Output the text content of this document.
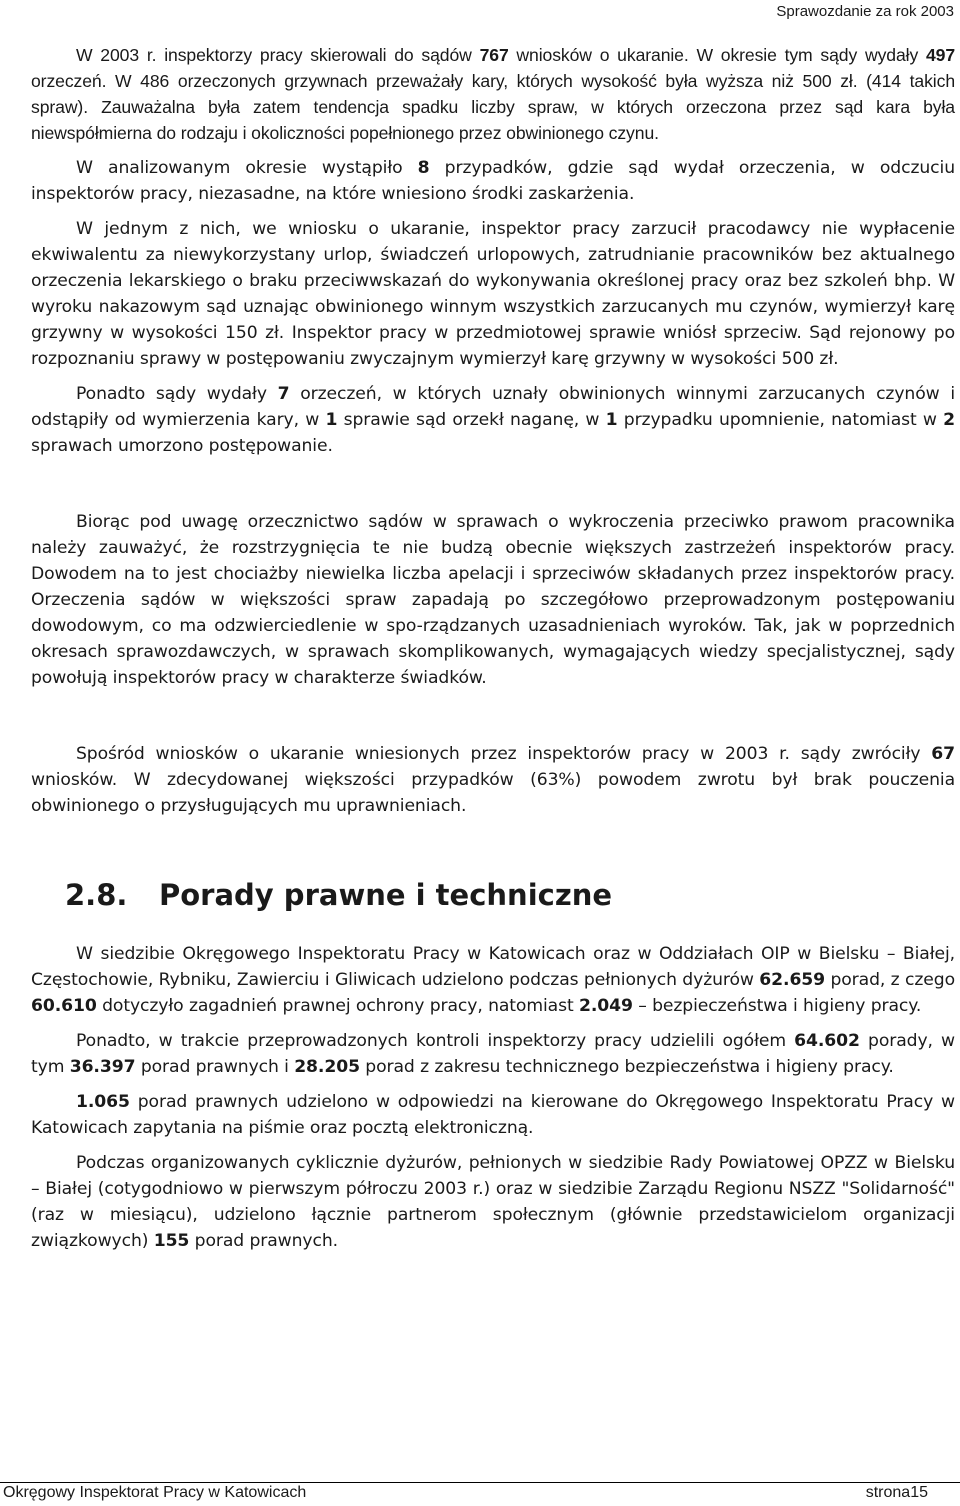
Sprawozdanie za rok 2003

W 2003 r. inspektorzy pracy skierowali do sądów 767 wniosków o ukaranie. W okresie tym sądy wydały 497 orzeczeń. W 486 orzeczonych grzywnach przeważały kary, których wysokość była wyższa niż 500 zł. (414 takich spraw). Zauważalna była zatem tendencja spadku liczby spraw, w których orzeczona przez sąd kara była niewspółmierna do rodzaju i okoliczności popełnionego przez obwinionego czynu.

W analizowanym okresie wystąpiło 8 przypadków, gdzie sąd wydał orzeczenia, w odczuciu inspektorów pracy, niezasadne, na które wniesiono środki zaskarżenia.

W jednym z nich, we wniosku o ukaranie, inspektor pracy zarzucił pracodawcy nie wypłacenie ekwiwalentu za niewykorzystany urlop, świadczeń urlopowych, zatrudnianie pracowników bez aktualnego orzeczenia lekarskiego o braku przeciwwskazań do wykonywania określonej pracy oraz bez szkoleń bhp. W wyroku nakazowym sąd uznając obwinionego winnym wszystkich zarzucanych mu czynów, wymierzył karę grzywny w wysokości 150 zł. Inspektor pracy w przedmiotowej sprawie wniósł sprzeciw. Sąd rejonowy po rozpoznaniu sprawy w postępowaniu zwyczajnym wymierzył karę grzywny w wysokości 500 zł.

Ponadto sądy wydały 7 orzeczeń, w których uznały obwinionych winnymi zarzucanych czynów i odstąpiły od wymierzenia kary, w 1 sprawie sąd orzekł naganę, w 1 przypadku upomnienie, natomiast w 2 sprawach umorzono postępowanie.

Biorąc pod uwagę orzecznictwo sądów w sprawach o wykroczenia przeciwko prawom pracownika należy zauważyć, że rozstrzygnięcia te nie budzą obecnie większych zastrzeżeń inspektorów pracy. Dowodem na to jest chociażby niewielka liczba apelacji i sprzeciwów składanych przez inspektorów pracy. Orzeczenia sądów w większości spraw zapadają po szczegółowo przeprowadzonym postępowaniu dowodowym, co ma odzwierciedlenie w spo-rządzanych uzasadnieniach wyroków. Tak, jak w poprzednich okresach sprawozdawczych, w sprawach skomplikowanych, wymagających wiedzy specjalistycznej, sądy powołują inspektorów pracy w charakterze świadków.

Spośród wniosków o ukaranie wniesionych przez inspektorów pracy w 2003 r. sądy zwróciły 67 wniosków. W zdecydowanej większości przypadków (63%) powodem zwrotu był brak pouczenia obwinionego o przysługujących mu uprawnieniach.

2.8.	Porady prawne i techniczne

W siedzibie Okręgowego Inspektoratu Pracy w Katowicach oraz w Oddziałach OIP w Bielsku – Białej, Częstochowie, Rybniku, Zawierciu i Gliwicach udzielono podczas pełnionych dyżurów 62.659 porad, z czego 60.610 dotyczyło zagadnień prawnej ochrony pracy, natomiast 2.049 – bezpieczeństwa i higieny pracy.

Ponadto, w trakcie przeprowadzonych kontroli inspektorzy pracy udzielili ogółem 64.602 porady, w tym 36.397 porad prawnych i 28.205 porad z zakresu technicznego bezpieczeństwa i higieny pracy.

1.065 porad prawnych udzielono w odpowiedzi na kierowane do Okręgowego Inspektoratu Pracy w Katowicach zapytania na piśmie oraz pocztą elektroniczną.

Podczas organizowanych cyklicznie dyżurów, pełnionych w siedzibie Rady Powiatowej OPZZ w Bielsku – Białej (cotygodniowo w pierwszym półroczu 2003 r.) oraz w siedzibie Zarządu Regionu NSZZ "Solidarność" (raz w miesiącu), udzielono łącznie partnerom społecznym (głównie przedstawicielom organizacji związkowych) 155 porad prawnych.

Okręgowy Inspektorat Pracy w Katowicach	strona15
